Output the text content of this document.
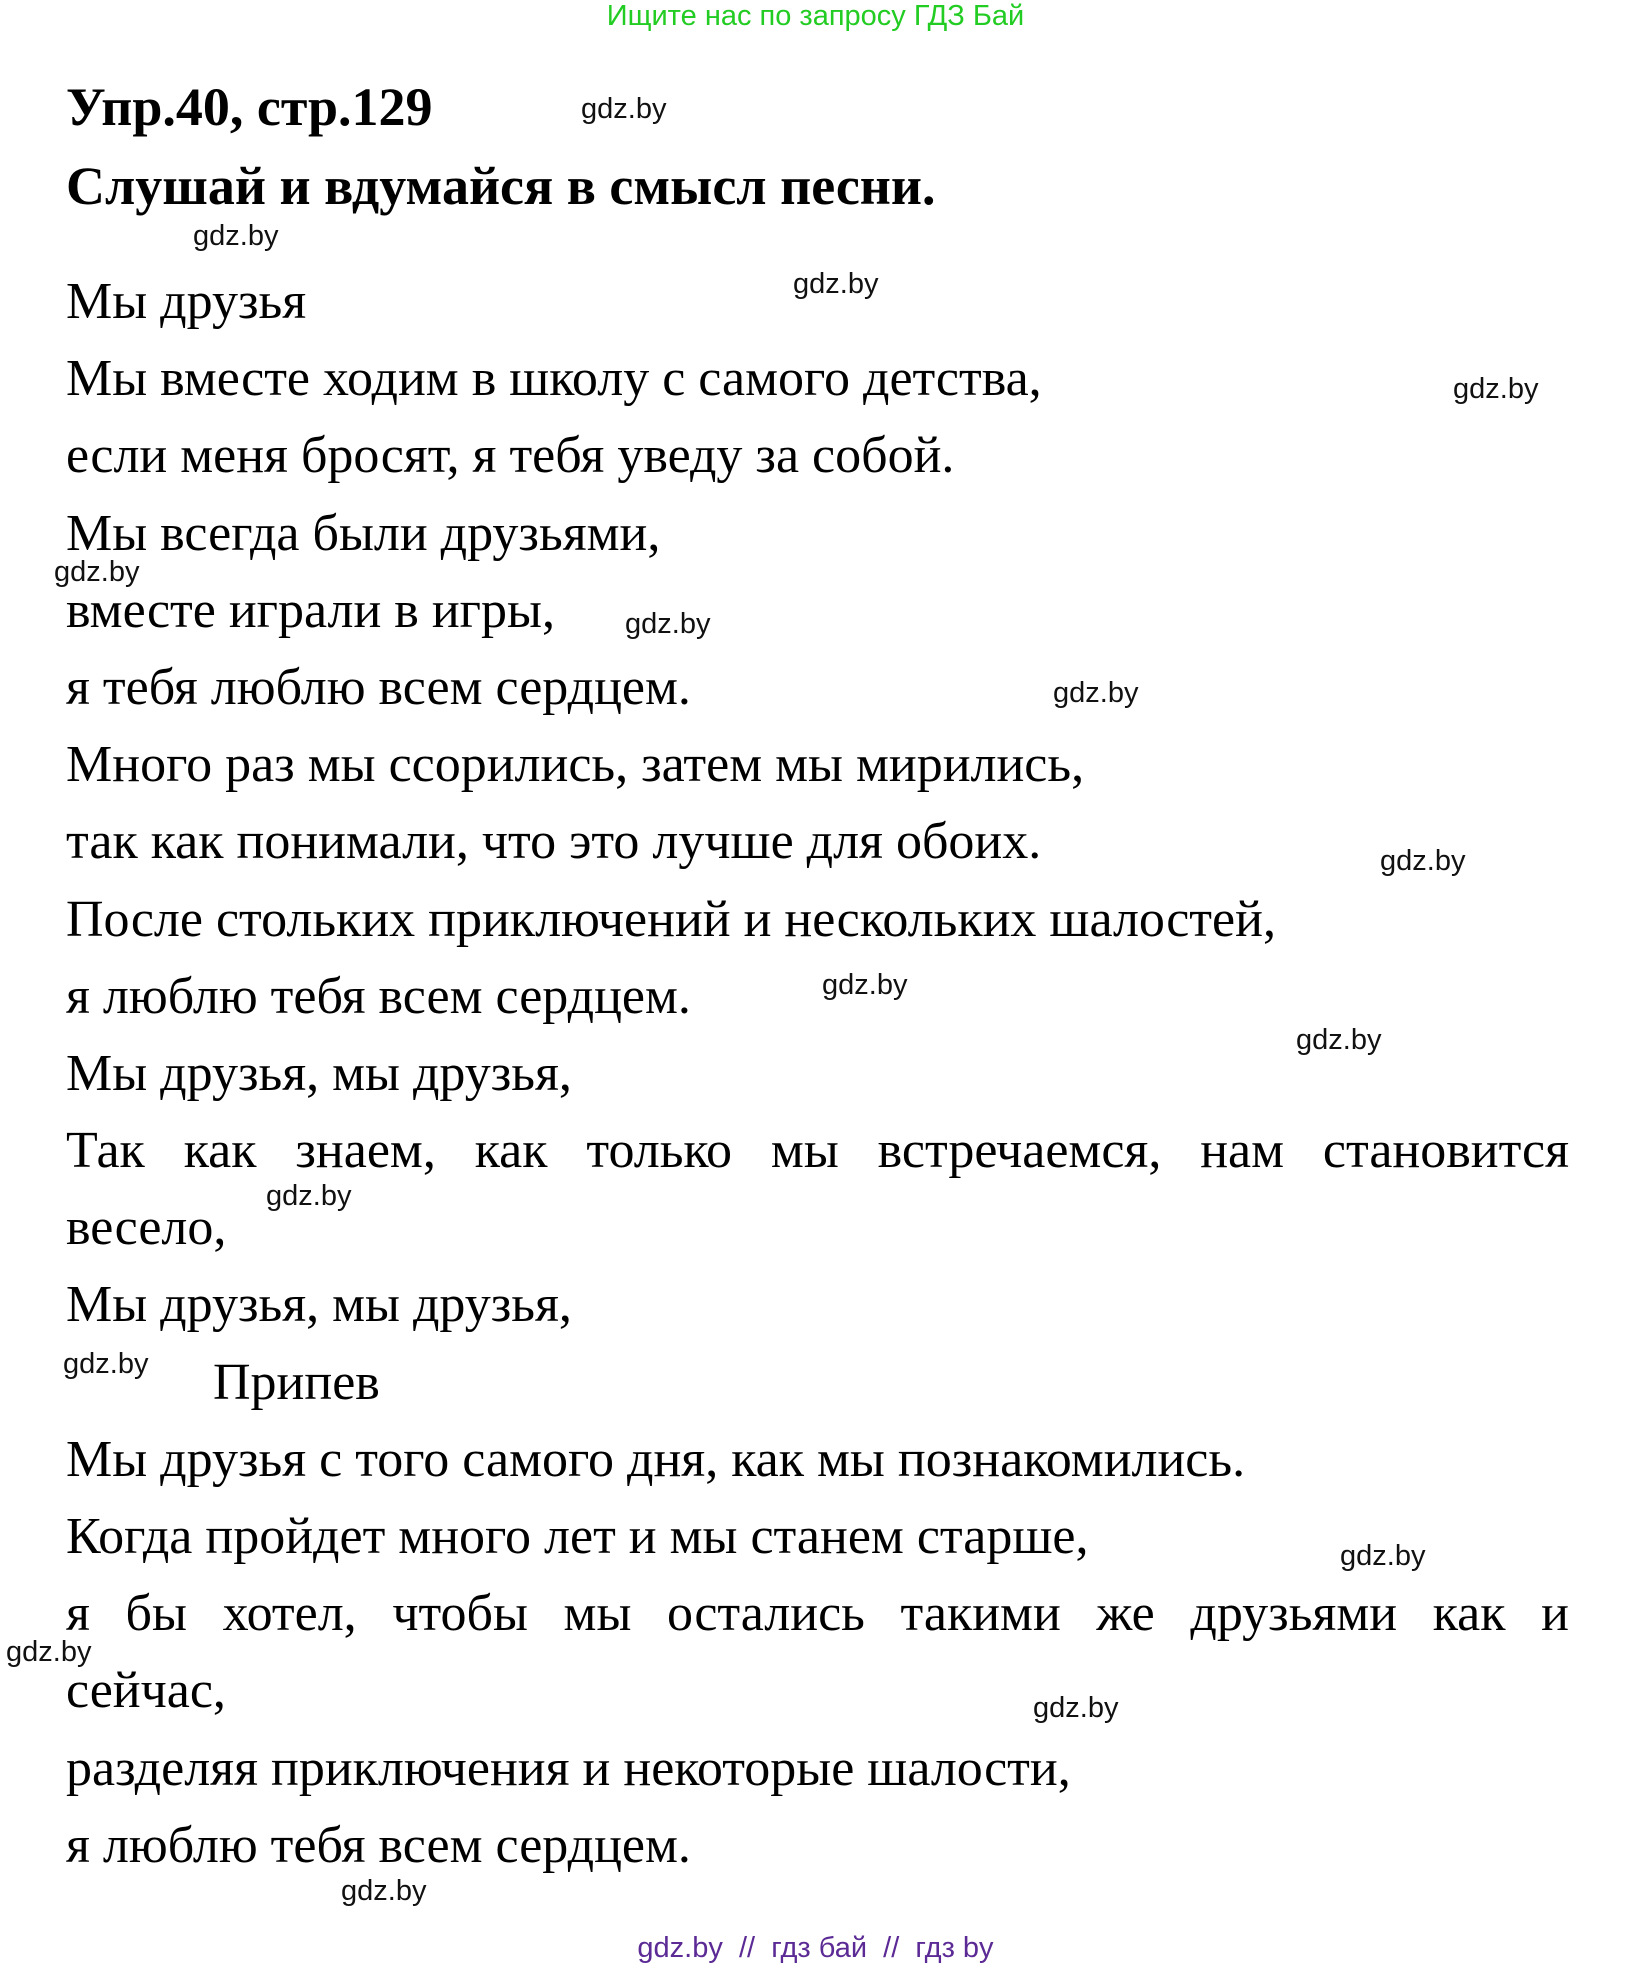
Ищите нас по запросу ГДЗ Бай
Упр.40, стр.129
Слушай и вдумайся в смысл песни.
Мы друзья
Мы вместе ходим в школу с самого детства,
если меня бросят, я тебя уведу за собой.
Мы всегда были друзьями,
вместе играли в игры,
я тебя люблю всем сердцем.
Много раз мы ссорились, затем мы мирились,
так как понимали, что это лучше для обоих.
После стольких приключений и нескольких шалостей,
я люблю тебя всем сердцем.
Мы друзья, мы друзья,
Так как знаем, как только мы встречаемся, нам становится
весело,
Мы друзья, мы друзья,
Припев
Мы друзья с того самого дня, как мы познакомились.
Когда пройдет много лет и мы станем старше,
я бы хотел, чтобы мы остались такими же друзьями как и
сейчас,
разделяя приключения и некоторые шалости,
я люблю тебя всем сердцем.
gdz.by
gdz.by
gdz.by
gdz.by
gdz.by
gdz.by
gdz.by
gdz.by
gdz.by
gdz.by
gdz.by
gdz.by
gdz.by
gdz.by
gdz.by
gdz.by
gdz.by  //  гдз бай  //  гдз by
